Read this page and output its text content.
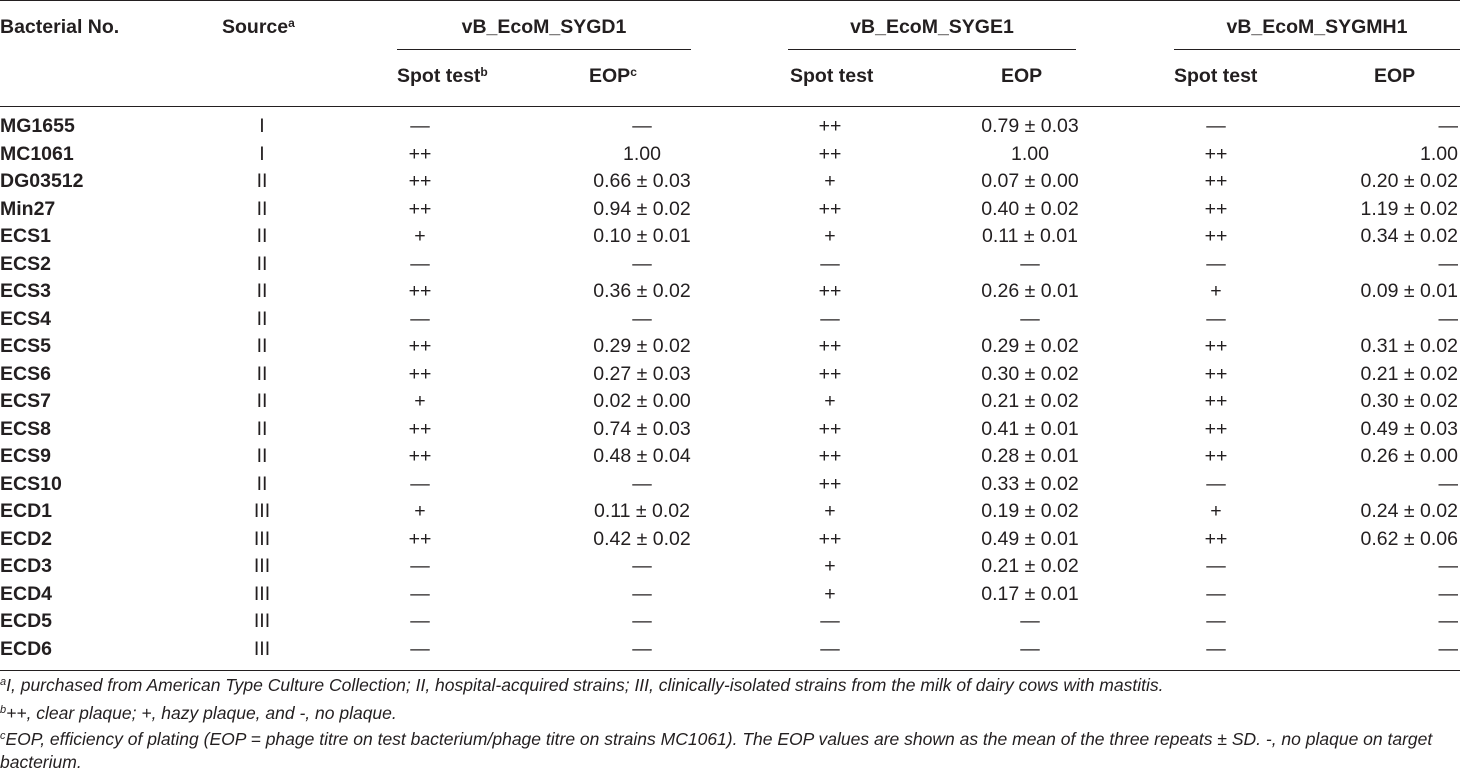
Bacterial No.	Source$^a$	vB_EcoM_SYGD1	vB_EcoM_SYGE1	vB_EcoM_SYGMH1
Spot test$^b$	EOP$^c$	Spot test	EOP	Spot test	EOP
MG1655	I	—	—	++	0.79 ± 0.03	—	—
MC1061	I	++	1.00	++	1.00	++	1.00
DG03512	II	++	0.66 ± 0.03	+	0.07 ± 0.00	++	0.20 ± 0.02
Min27	II	++	0.94 ± 0.02	++	0.40 ± 0.02	++	1.19 ± 0.02
ECS1	II	+	0.10 ± 0.01	+	0.11 ± 0.01	++	0.34 ± 0.02
ECS2	II	—	—	—	—	—	—
ECS3	II	++	0.36 ± 0.02	++	0.26 ± 0.01	+	0.09 ± 0.01
ECS4	II	—	—	—	—	—	—
ECS5	II	++	0.29 ± 0.02	++	0.29 ± 0.02	++	0.31 ± 0.02
ECS6	II	++	0.27 ± 0.03	++	0.30 ± 0.02	++	0.21 ± 0.02
ECS7	II	+	0.02 ± 0.00	+	0.21 ± 0.02	++	0.30 ± 0.02
ECS8	II	++	0.74 ± 0.03	++	0.41 ± 0.01	++	0.49 ± 0.03
ECS9	II	++	0.48 ± 0.04	++	0.28 ± 0.01	++	0.26 ± 0.00
ECS10	II	—	—	++	0.33 ± 0.02	—	—
ECD1	III	+	0.11 ± 0.02	+	0.19 ± 0.02	+	0.24 ± 0.02
ECD2	III	++	0.42 ± 0.02	++	0.49 ± 0.01	++	0.62 ± 0.06
ECD3	III	—	—	+	0.21 ± 0.02	—	—
ECD4	III	—	—	+	0.17 ± 0.01	—	—
ECD5	III	—	—	—	—	—	—
ECD6	III	—	—	—	—	—	—
$^a$I, purchased from American Type Culture Collection; II, hospital-acquired strains; III, clinically-isolated strains from the milk of dairy cows with mastitis.
$^b$++, clear plaque; +, hazy plaque, and -, no plaque.
$^c$EOP, efficiency of plating (EOP = phage titre on test bacterium/phage titre on strains MC1061). The EOP values are shown as the mean of the three repeats ± SD. -, no plaque on target bacterium.
